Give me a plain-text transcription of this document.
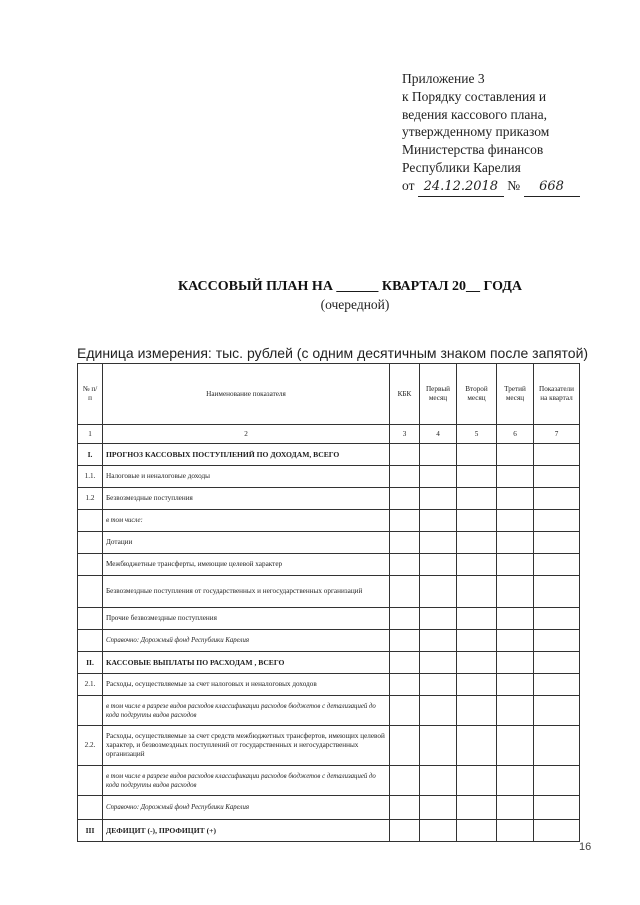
Приложение 3
к Порядку составления и
ведения кассового плана,
утвержденному приказом
Министерства финансов
Республики Карелия
от 24.12.2018 № 668
КАССОВЫЙ ПЛАН НА ______ КВАРТАЛ 20__ ГОДА
(очередной)
Единица измерения: тыс. рублей (с одним десятичным знаком после запятой)
№ п/п	Наименование показателя	КБК	Первый месяц	Второй месяц	Третий месяц	Показатели на квартал
1	2	3	4	5	6	7
I.	ПРОГНОЗ КАССОВЫХ ПОСТУПЛЕНИЙ ПО ДОХОДАМ, ВСЕГО					
1.1.	Налоговые и неналоговые доходы					
1.2	Безвозмездные поступления					
	в том числе:					
	Дотации					
	Межбюджетные трансферты, имеющие целевой характер					
	Безвозмездные поступления от государственных и негосударственных организаций					
	Прочие безвозмездные поступления					
	Справочно: Дорожный фонд Республики Карелия					
II.	КАССОВЫЕ ВЫПЛАТЫ ПО РАСХОДАМ , ВСЕГО					
2.1.	Расходы, осуществляемые за счет налоговых и неналоговых доходов					
	в том числе в разрезе видов расходов классификации расходов бюджетов с детализацией до кода подгруппы видов расходов					
2.2.	Расходы, осуществляемые за счет средств межбюджетных трансфертов, имеющих целевой характер, и безвозмездных поступлений от государственных и негосударственных организаций					
	в том числе в разрезе видов расходов классификации расходов бюджетов с детализацией до кода подгруппы видов расходов					
	Справочно: Дорожный фонд Республики Карелия					
III	ДЕФИЦИТ (-), ПРОФИЦИТ (+)					
16
